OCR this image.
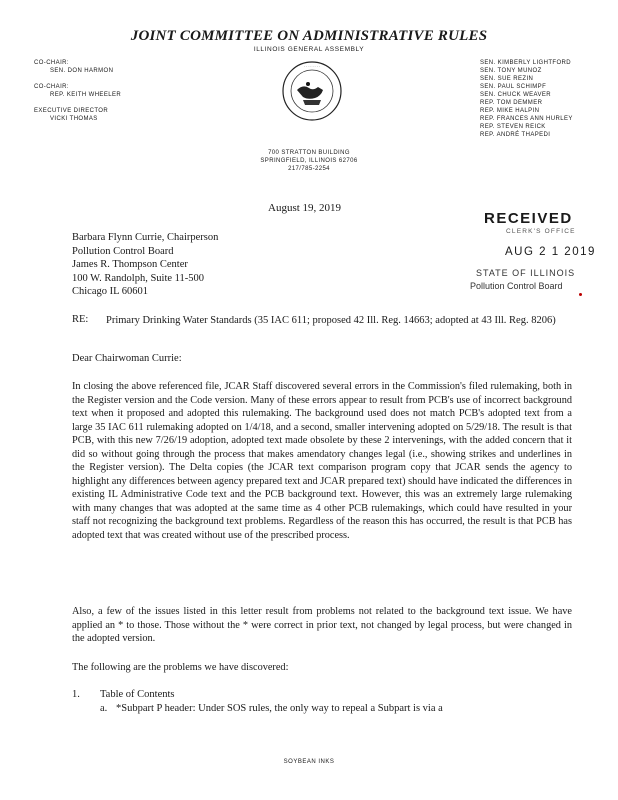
JOINT COMMITTEE ON ADMINISTRATIVE RULES
ILLINOIS GENERAL ASSEMBLY
CO-CHAIR:
SEN. DON HARMON
CO-CHAIR:
REP. KEITH WHEELER
EXECUTIVE DIRECTOR
VICKI THOMAS
· · · · · · · ·
SEN. KIMBERLY LIGHTFORD
SEN. TONY MUNOZ
SEN. SUE REZIN
SEN. PAUL SCHIMPF
SEN. CHUCK WEAVER
REP. TOM DEMMER
REP. MIKE HALPIN
REP. FRANCES ANN HURLEY
REP. STEVEN REICK
REP. ANDRÉ THAPEDI
700 STRATTON BUILDING
SPRINGFIELD, ILLINOIS 62706
217/785-2254
August 19, 2019
RECEIVED
CLERK'S OFFICE
AUG 2 1 2019
STATE OF ILLINOIS
Pollution Control Board
Barbara Flynn Currie, Chairperson
Pollution Control Board
James R. Thompson Center
100 W. Randolph, Suite 11-500
Chicago IL 60601
RE: Primary Drinking Water Standards (35 IAC 611; proposed 42 Ill. Reg. 14663; adopted at 43 Ill. Reg. 8206)
Dear Chairwoman Currie:
In closing the above referenced file, JCAR Staff discovered several errors in the Commission's filed rulemaking, both in the Register version and the Code version. Many of these errors appear to result from PCB's use of incorrect background text when it proposed and adopted this rulemaking. The background used does not match PCB's adopted text from a large 35 IAC 611 rulemaking adopted on 1/4/18, and a second, smaller intervening adopted on 5/29/18. The result is that PCB, with this new 7/26/19 adoption, adopted text made obsolete by these 2 intervenings, with the added concern that it did so without going through the process that makes amendatory changes legal (i.e., showing strikes and underlines in the Register version). The Delta copies (the JCAR text comparison program copy that JCAR sends the agency to highlight any differences between agency prepared text and JCAR prepared text) should have indicated the differences in existing IL Administrative Code text and the PCB background text. However, this was an extremely large rulemaking with many changes that was adopted at the same time as 4 other PCB rulemakings, which could have resulted in your staff not recognizing the background text problems. Regardless of the reason this has occurred, the result is that PCB has adopted text that was created without use of the prescribed process.
Also, a few of the issues listed in this letter result from problems not related to the background text issue. We have applied an * to those. Those without the * were correct in prior text, not changed by legal process, but were changed in the adopted version.
The following are the problems we have discovered:
1. Table of Contents
a. *Subpart P header: Under SOS rules, the only way to repeal a Subpart is via a
SOYBEAN INKS
